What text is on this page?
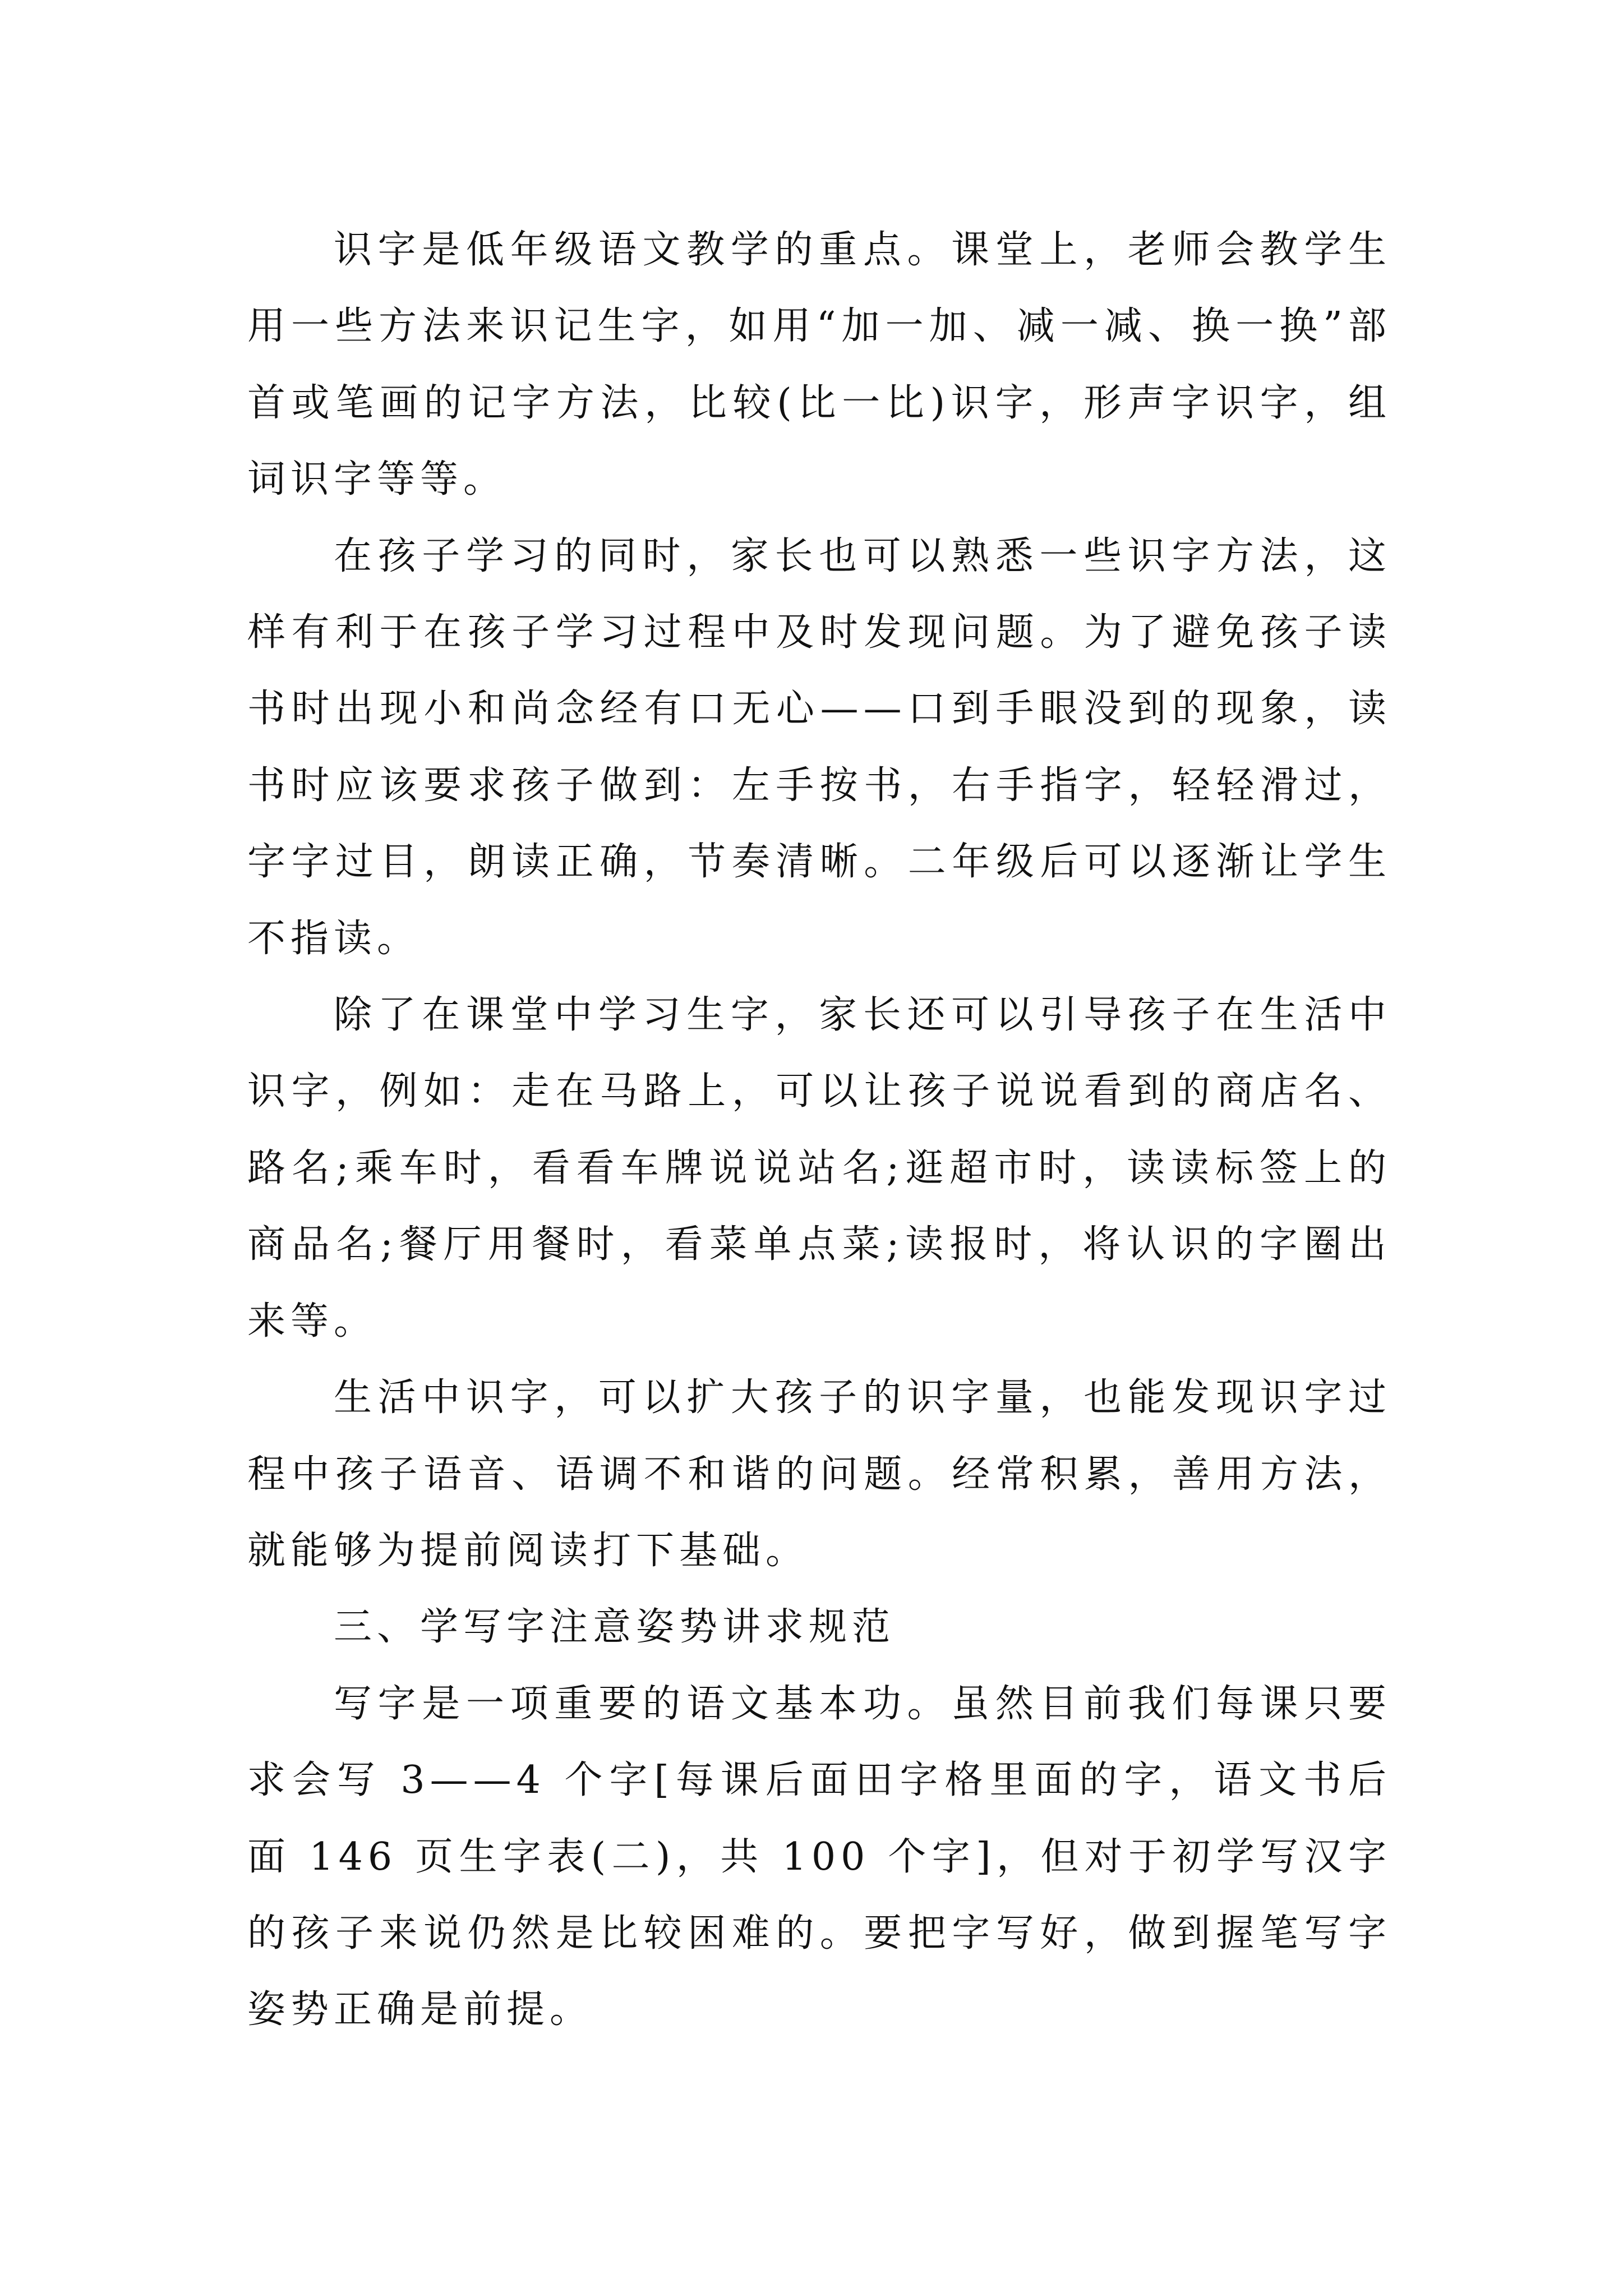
识字是低年级语文教学的重点。课堂上，老师会教学生用一些方法来识记生字，如用“加一加、减一减、换一换”部首或笔画的记字方法，比较(比一比)识字，形声字识字，组词识字等等。

在孩子学习的同时，家长也可以熟悉一些识字方法，这样有利于在孩子学习过程中及时发现问题。为了避免孩子读书时出现小和尚念经有口无心——口到手眼没到的现象，读书时应该要求孩子做到：左手按书，右手指字，轻轻滑过，字字过目，朗读正确，节奏清晰。二年级后可以逐渐让学生不指读。

除了在课堂中学习生字，家长还可以引导孩子在生活中识字，例如：走在马路上，可以让孩子说说看到的商店名、路名;乘车时，看看车牌说说站名;逛超市时，读读标签上的商品名;餐厅用餐时，看菜单点菜;读报时，将认识的字圈出来等。

生活中识字，可以扩大孩子的识字量，也能发现识字过程中孩子语音、语调不和谐的问题。经常积累，善用方法，就能够为提前阅读打下基础。

三、学写字注意姿势讲求规范

写字是一项重要的语文基本功。虽然目前我们每课只要求会写 3——4 个字[每课后面田字格里面的字，语文书后面 146 页生字表(二)，共 100 个字]，但对于初学写汉字的孩子来说仍然是比较困难的。要把字写好，做到握笔写字姿势正确是前提。
